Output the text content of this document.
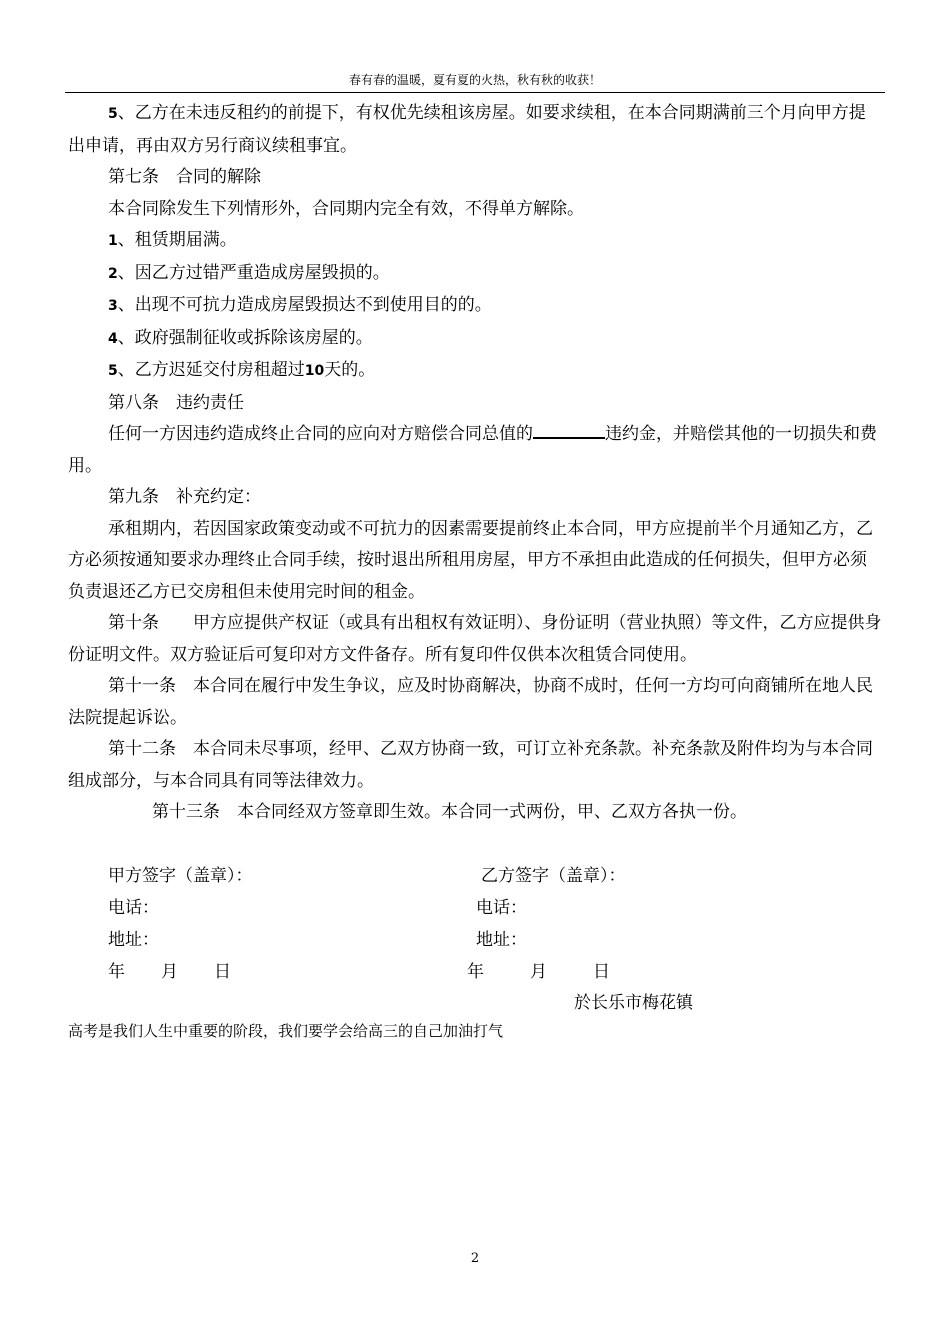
春有春的温暖，夏有夏的火热，秋有秋的收获！

5、乙方在未违反租约的前提下，有权优先续租该房屋。如要求续租，在本合同期满前三个月向甲方提出申请，再由双方另行商议续租事宜。

第七条　合同的解除

本合同除发生下列情形外，合同期内完全有效，不得单方解除。

1、租赁期届满。

2、因乙方过错严重造成房屋毁损的。

3、出现不可抗力造成房屋毁损达不到使用目的的。

4、政府强制征收或拆除该房屋的。

5、乙方迟延交付房租超过10天的。

第八条　违约责任

任何一方因违约造成终止合同的应向对方赔偿合同总值的	违约金，并赔偿其他的一切损失和费用。

第九条　补充约定：

承租期内，若因国家政策变动或不可抗力的因素需要提前终止本合同，甲方应提前半个月通知乙方，乙方必须按通知要求办理终止合同手续，按时退出所租用房屋，甲方不承担由此造成的任何损失，但甲方必须负责退还乙方已交房租但未使用完时间的租金。

第十条　　甲方应提供产权证（或具有出租权有效证明）、身份证明（营业执照）等文件，乙方应提供身份证明文件。双方验证后可复印对方文件备存。所有复印件仅供本次租赁合同使用。

第十一条　本合同在履行中发生争议，应及时协商解决，协商不成时，任何一方均可向商铺所在地人民法院提起诉讼。

第十二条　本合同未尽事项，经甲、乙双方协商一致，可订立补充条款。补充条款及附件均为与本合同组成部分，与本合同具有同等法律效力。

第十三条　本合同经双方签章即生效。本合同一式两份，甲、乙双方各执一份。

甲方签字（盖章）：	乙方签字（盖章）：
电话：	电话：
地址：	地址：
年 月 日	年	月	日
於长乐市梅花镇
高考是我们人生中重要的阶段，我们要学会给高三的自己加油打气
2
